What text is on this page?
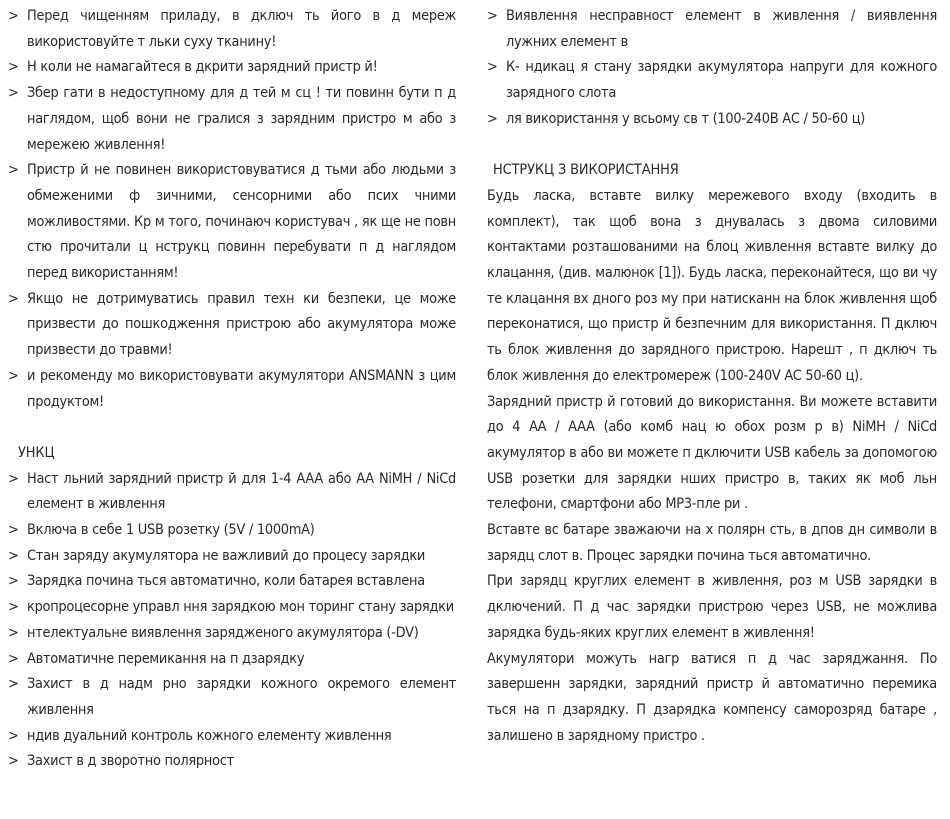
> Перед чищенням приладу, в дключ ть його в д мереж використовуйте т льки суху тканину!
> Н коли не намагайтеся в дкрити зарядний пристр й!
> Збер гати в недоступному для д тей м сц ! ти повинн бути п д наглядом, щоб вони не гралися з зарядним пристро м або з мережею живлення!
> Пристр й не повинен використовуватися д тьми або людьми з обмеженими ф зичними, сенсорними або псих чними можливостями. Кр м того, починаюч користувач , як ще не повн стю прочитали ц нструкц повинн перебувати п д наглядом перед використанням!
> Якщо не дотримуватись правил техн ки безпеки, це може призвести до пошкодження пристрою або акумулятора може призвести до травми!
> и рекоменду мо використовувати акумулятори ANSMANN з цим продуктом!
УНКЦ
> Наст льний зарядний пристр й для 1-4 AAA або AA NiMH / NiCd елемент в живлення
> Включа в себе 1 USB розетку (5V / 1000mA)
> Стан заряду акумулятора не важливий до процесу зарядки
> Зарядка почина ться автоматично, коли батарея вставлена
> кропроцесорне управл ння зарядкою мон торинг стану зарядки
> нтелектуальне виявлення зарядженого акумулятора (-DV)
> Автоматичне перемикання на п дзарядку
> Захист в д надм рно зарядки кожного окремого елемент живлення
> ндив дуальний контроль кожного елементу живлення
> Захист в д зворотно полярност
> Виявлення несправност елемент в живлення / виявлення лужних елемент в
> К- ндикац я стану зарядки акумулятора напруги для кожного зарядного слота
> ля використання у всьому св т (100-240В АС / 50-60 ц)
НСТРУКЦ З ВИКОРИСТАННЯ
Будь ласка, вставте вилку мережевого входу (входить в комплект), так щоб вона з днувалась з двома силовими контактами розташованими на блоц живлення вставте вилку до клацання, (див. малюнок [1]). Будь ласка, переконайтеся, що ви чу те клацання вх дного роз му при натисканн на блок живлення щоб переконатися, що пристр й безпечним для використання. П дключ ть блок живлення до зарядного пристрою. Нарешт , п дключ ть блок живлення до електромереж (100-240V AC 50-60 ц).
Зарядний пристр й готовий до використання. Ви можете вставити до 4 АА / AAA (або комб нац ю обох розм р в) NiMH / NiCd акумулятор в або ви можете п дключити USB кабель за допомогою USB розетки для зарядки нших пристро в, таких як моб льн телефони, смартфони або MP3-пле ри .
Вставте вс батаре зважаючи на х полярн сть, в дпов дн символи в зарядц слот в. Процес зарядки почина ться автоматично.
При зарядц круглих елемент в живлення, роз м USB зарядки в дключений. П д час зарядки пристрою через USB, не можлива зарядка будь-яких круглих елемент в живлення!
Акумулятори можуть нагр ватися п д час заряджання. По завершенн зарядки, зарядний пристр й автоматично перемика ться на п дзарядку. П дзарядка компенсу саморозряд батаре , залишено в зарядному пристро .
